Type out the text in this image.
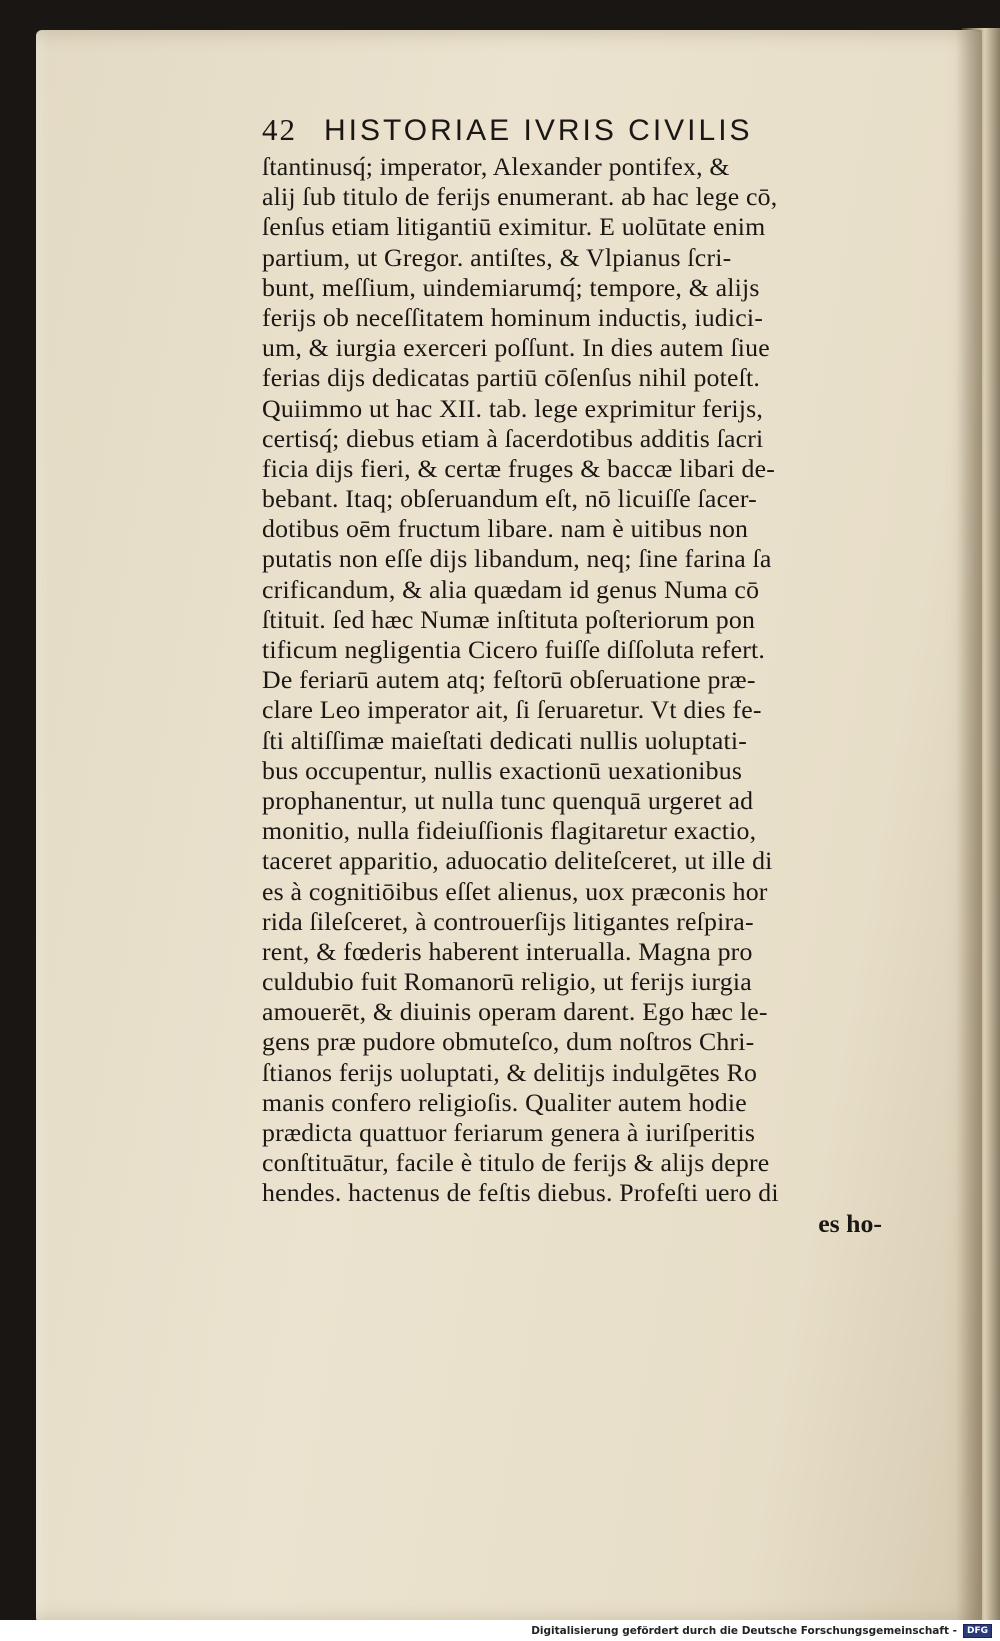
42 HISTORIAE IVRIS CIVILIS
ſtantinusq́; imperator, Alexander pontifex, &
alij ſub titulo de ferijs enumerant. ab hac lege cō,
ſenſus etiam litigantiū eximitur. E uolūtate enim
partium, ut Gregor. antiſtes, & Vlpianus ſcri-
bunt, meſſium, uindemiarumq́; tempore, & alijs
ferijs ob neceſſitatem hominum inductis, iudici-
um, & iurgia exerceri poſſunt. In dies autem ſiue
ferias dijs dedicatas partiū cōſenſus nihil poteſt.
Quiimmo ut hac XII. tab. lege exprimitur ferijs,
certisq́; diebus etiam à ſacerdotibus additis ſacri
ficia dijs fieri, & certæ fruges & baccæ libari de-
bebant. Itaq; obſeruandum eſt, nō licuiſſe ſacer-
dotibus oēm fructum libare. nam è uitibus non
putatis non eſſe dijs libandum, neq; ſine farina ſa
crificandum, & alia quædam id genus Numa cō
ſtituit. ſed hæc Numæ inſtituta poſteriorum pon
tificum negligentia Cicero fuiſſe diſſoluta refert.
De feriarū autem atq; feſtorū obſeruatione præ-
clare Leo imperator ait, ſi ſeruaretur. Vt dies fe-
ſti altiſſimæ maieſtati dedicati nullis uoluptati-
bus occupentur, nullis exactionū uexationibus
prophanentur, ut nulla tunc quenquā urgeret ad
monitio, nulla fideiuſſionis flagitaretur exactio,
taceret apparitio, aduocatio deliteſceret, ut ille di
es à cognitiōibus eſſet alienus, uox præconis hor
rida ſileſceret, à controuerſijs litigantes reſpira-
rent, & fœderis haberent interualla. Magna pro
culdubio fuit Romanorū religio, ut ferijs iurgia
amouerēt, & diuinis operam darent. Ego hæc le-
gens præ pudore obmuteſco, dum noſtros Chri-
ſtianos ferijs uoluptati, & delitijs indulgētes Ro
manis confero religioſis. Qualiter autem hodie
prædicta quattuor feriarum genera à iuriſperitis
conſtituātur, facile è titulo de ferijs & alijs depre
hendes. hactenus de feſtis diebus. Profeſti uero di
es ho-
Digitalisierung gefördert durch die Deutsche Forschungsgemeinschaft -	DFG
